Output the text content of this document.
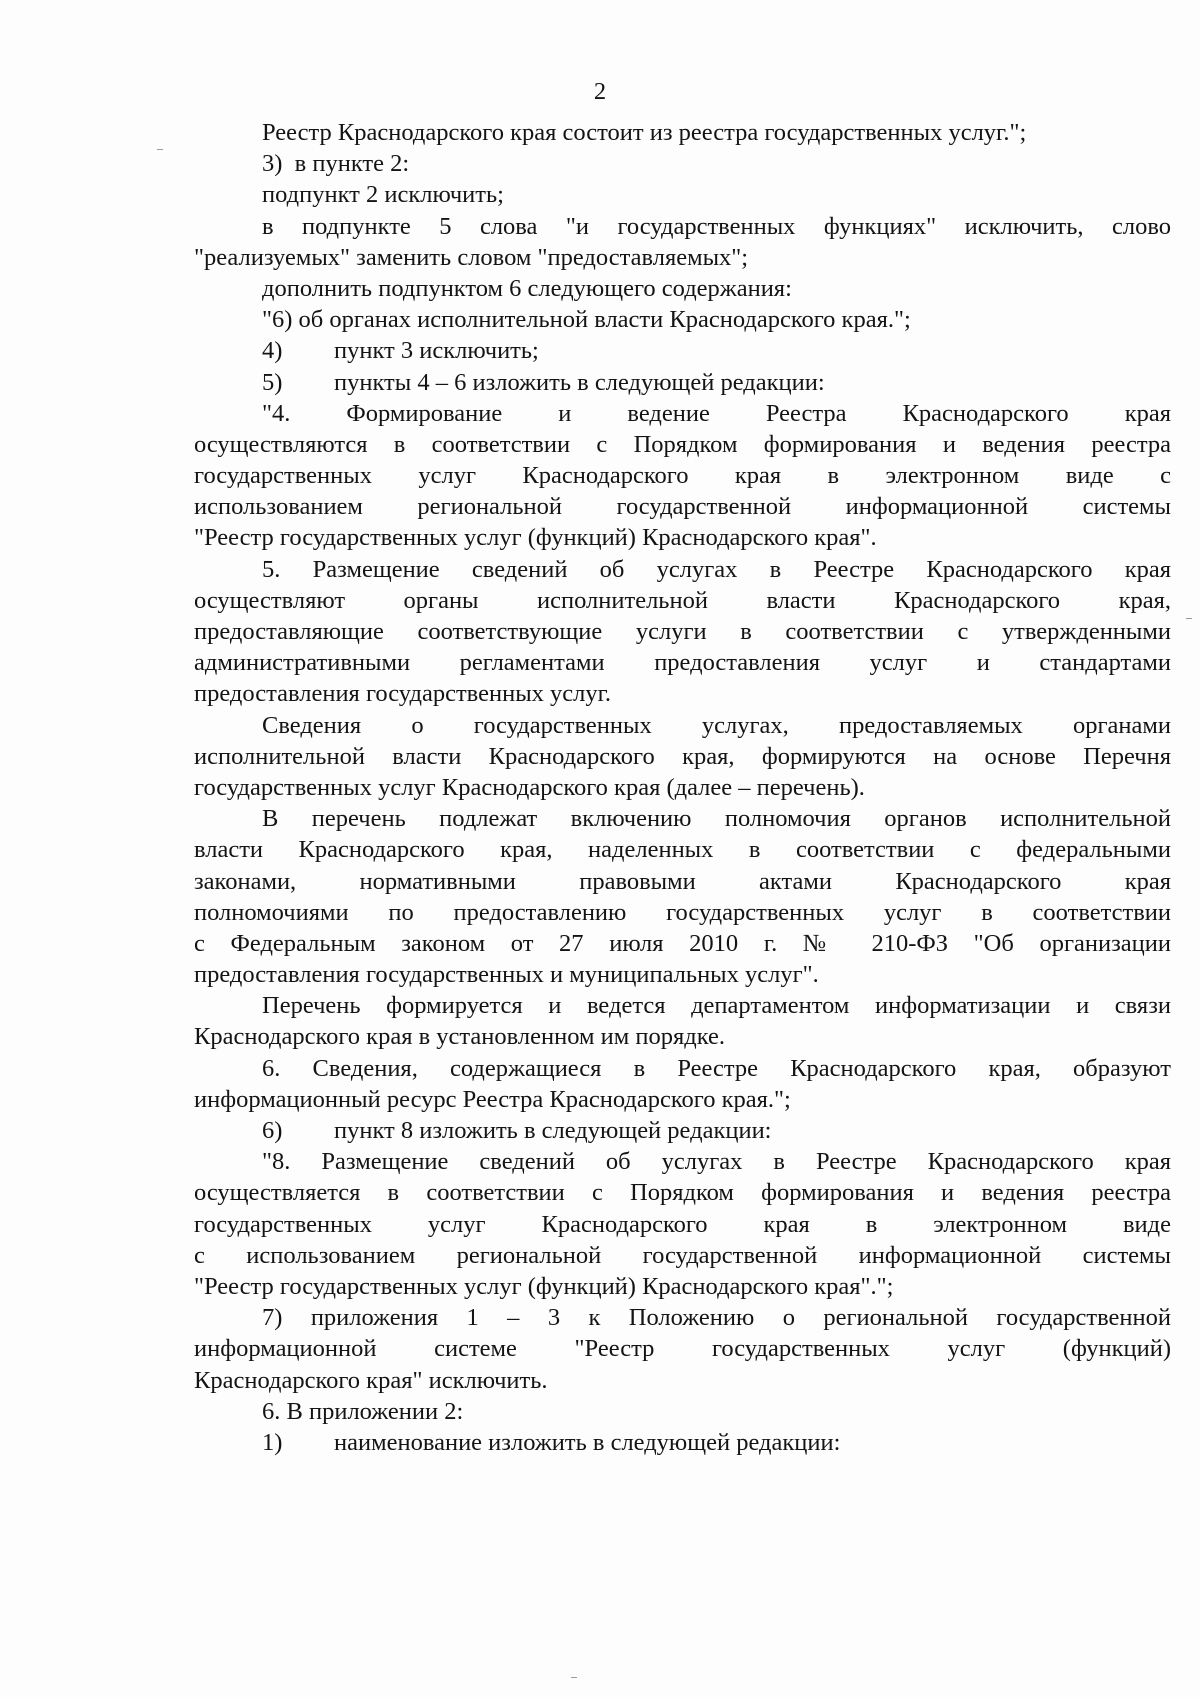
2
Реестр Краснодарского края состоит из реестра государственных услуг.";
3) в пункте 2:
подпункт 2 исключить;
в подпункте 5 слова "и государственных функциях" исключить, слово
"реализуемых" заменить словом "предоставляемых";
дополнить подпунктом 6 следующего содержания:
"6) об органах исполнительной власти Краснодарского края.";
4) пункт 3 исключить;
5) пункты 4 – 6 изложить в следующей редакции:
"4. Формирование и ведение Реестра Краснодарского края
осуществляются в соответствии с Порядком формирования и ведения реестра
государственных услуг Краснодарского края в электронном виде с
использованием региональной государственной информационной системы
"Реестр государственных услуг (функций) Краснодарского края".
5. Размещение сведений об услугах в Реестре Краснодарского края
осуществляют органы исполнительной власти Краснодарского края,
предоставляющие соответствующие услуги в соответствии с утвержденными
административными регламентами предоставления услуг и стандартами
предоставления государственных услуг.
Сведения о государственных услугах, предоставляемых органами
исполнительной власти Краснодарского края, формируются на основе Перечня
государственных услуг Краснодарского края (далее – перечень).
В перечень подлежат включению полномочия органов исполнительной
власти Краснодарского края, наделенных в соответствии с федеральными
законами, нормативными правовыми актами Краснодарского края
полномочиями по предоставлению государственных услуг в соответствии
с Федеральным законом от 27 июля 2010 г. № 210-ФЗ "Об организации
предоставления государственных и муниципальных услуг".
Перечень формируется и ведется департаментом информатизации и связи
Краснодарского края в установленном им порядке.
6. Сведения, содержащиеся в Реестре Краснодарского края, образуют
информационный ресурс Реестра Краснодарского края.";
6) пункт 8 изложить в следующей редакции:
"8. Размещение сведений об услугах в Реестре Краснодарского края
осуществляется в соответствии с Порядком формирования и ведения реестра
государственных услуг Краснодарского края в электронном виде
с использованием региональной государственной информационной системы
"Реестр государственных услуг (функций) Краснодарского края".";
7) приложения 1 – 3 к Положению о региональной государственной
информационной системе "Реестр государственных услуг (функций)
Краснодарского края" исключить.
6. В приложении 2:
1) наименование изложить в следующей редакции:
